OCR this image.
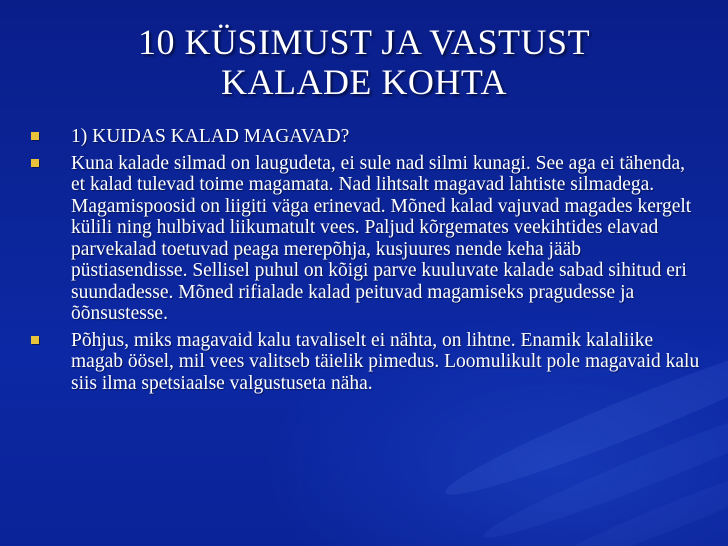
10 KÜSIMUST JA VASTUST
KALADE KOHTA
1) KUIDAS KALAD MAGAVAD?
Kuna kalade silmad on laugudeta, ei sule nad silmi kunagi. See aga ei tähenda, et kalad tulevad toime magamata. Nad lihtsalt magavad lahtiste silmadega. Magamispoosid on liigiti väga erinevad. Mõned kalad vajuvad magades kergelt külili ning hulbivad liikumatult vees. Paljud kõrgemates veekihtides elavad parvekalad toetuvad peaga merepõhja, kusjuures nende keha jääb püstiasendisse. Sellisel puhul on kõigi parve kuuluvate kalade sabad sihitud eri suundadesse. Mõned rifialade kalad peituvad magamiseks pragudesse ja õõnsustesse.
Põhjus, miks magavaid kalu tavaliselt ei nähta, on lihtne. Enamik kalaliike magab öösel, mil vees valitseb täielik pimedus. Loomulikult pole magavaid kalu siis ilma spetsiaalse valgustuseta näha.
